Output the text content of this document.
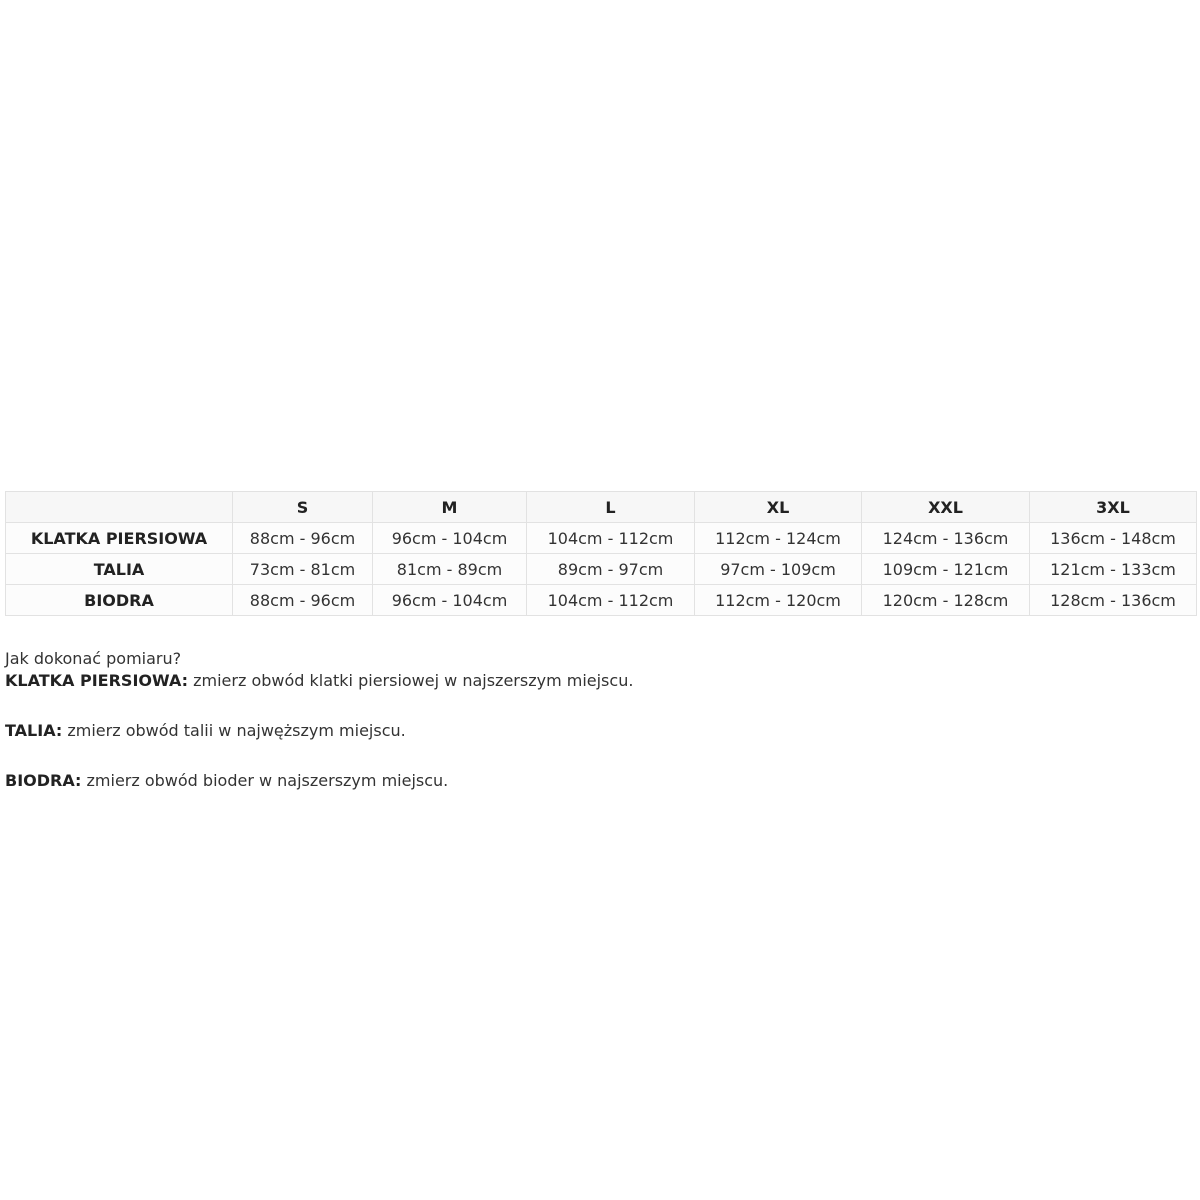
	S	M	L	XL	XXL	3XL
KLATKA PIERSIOWA	88cm - 96cm	96cm - 104cm	104cm - 112cm	112cm - 124cm	124cm - 136cm	136cm - 148cm
TALIA	73cm - 81cm	81cm - 89cm	89cm - 97cm	97cm - 109cm	109cm - 121cm	121cm - 133cm
BIODRA	88cm - 96cm	96cm - 104cm	104cm - 112cm	112cm - 120cm	120cm - 128cm	128cm - 136cm

Jak dokonać pomiaru?

KLATKA PIERSIOWA: zmierz obwód klatki piersiowej w najszerszym miejscu.

TALIA: zmierz obwód talii w najwęższym miejscu.

BIODRA: zmierz obwód bioder w najszerszym miejscu.
